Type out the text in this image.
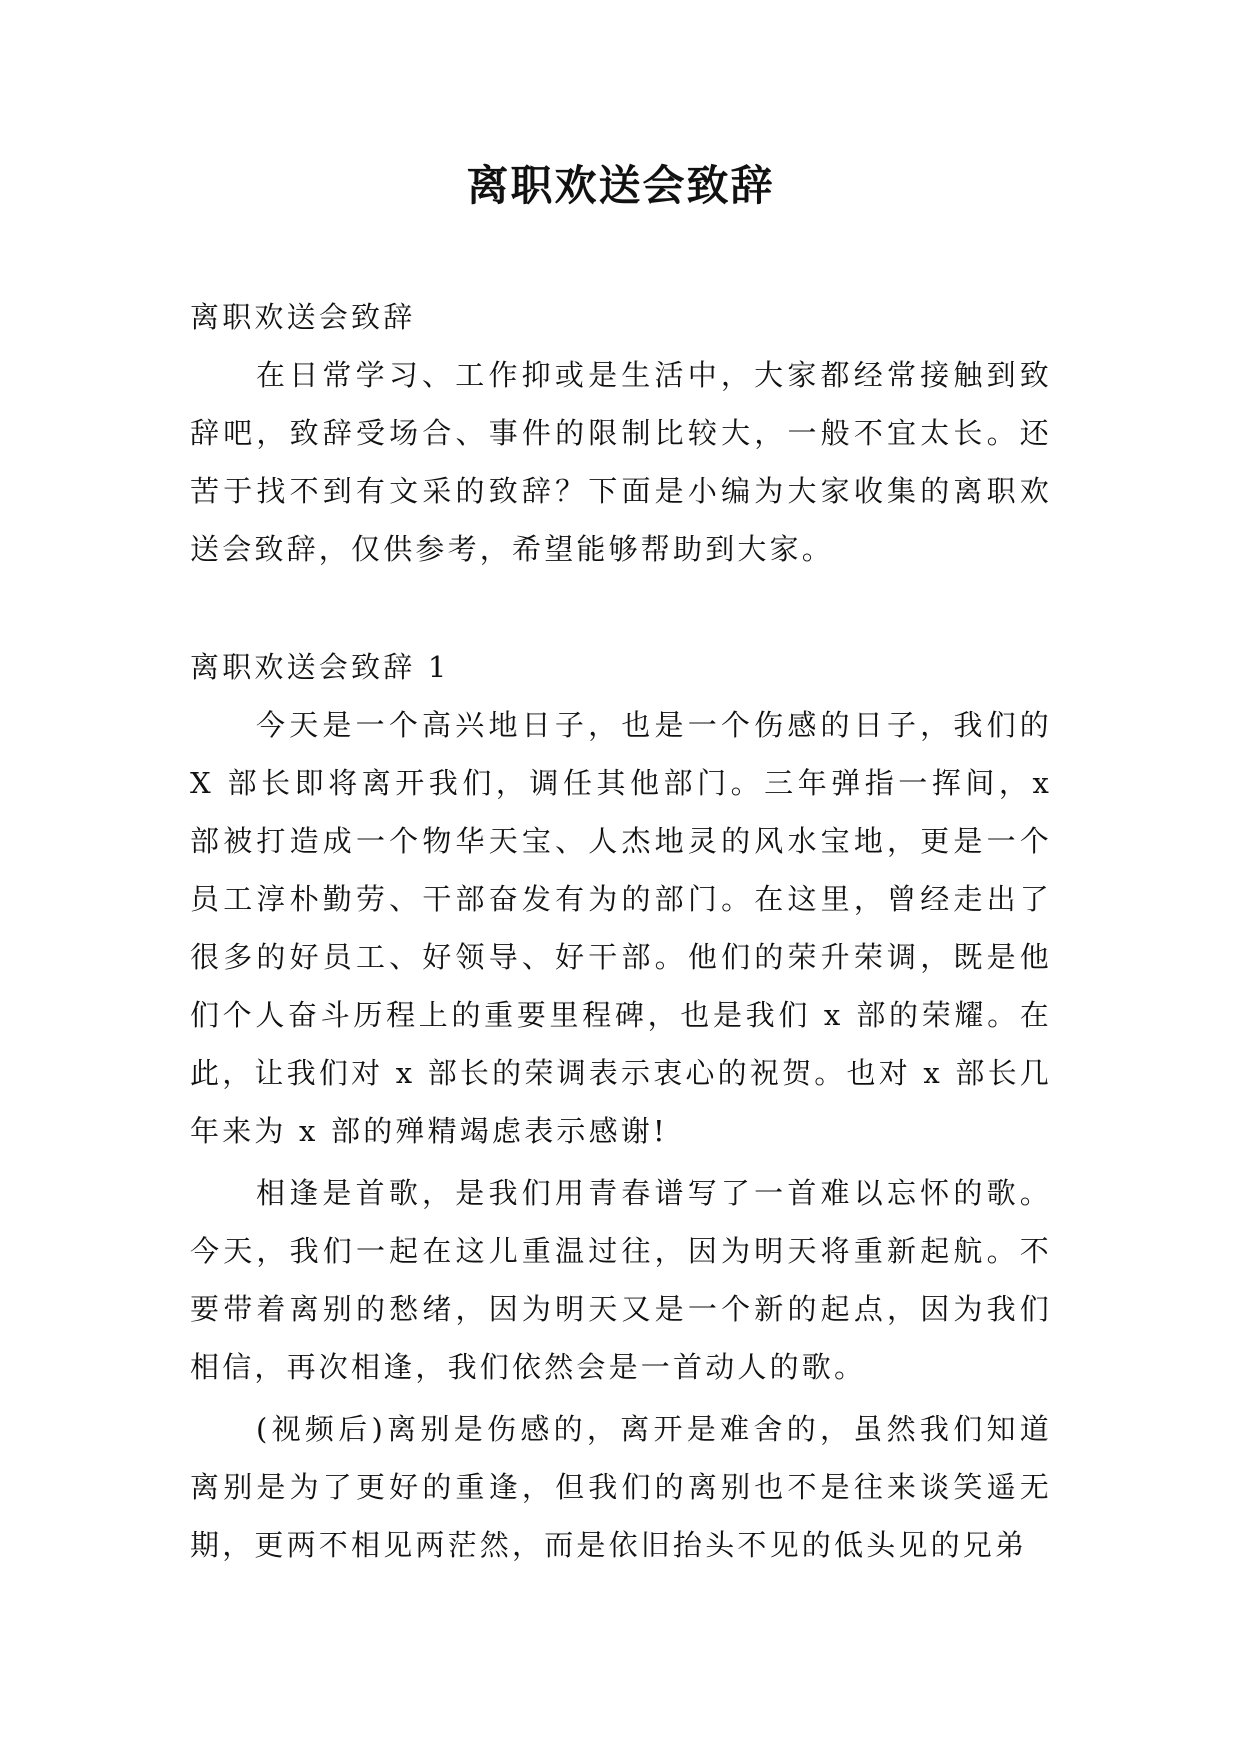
离职欢送会致辞

离职欢送会致辞

在日常学习、工作抑或是生活中，大家都经常接触到致辞吧，致辞受场合、事件的限制比较大，一般不宜太长。还苦于找不到有文采的致辞？下面是小编为大家收集的离职欢送会致辞，仅供参考，希望能够帮助到大家。

离职欢送会致辞 1

今天是一个高兴地日子，也是一个伤感的日子，我们的X 部长即将离开我们，调任其他部门。三年弹指一挥间，x 部被打造成一个物华天宝、人杰地灵的风水宝地，更是一个员工淳朴勤劳、干部奋发有为的部门。在这里，曾经走出了很多的好员工、好领导、好干部。他们的荣升荣调，既是他们个人奋斗历程上的重要里程碑，也是我们 x 部的荣耀。在此，让我们对 x 部长的荣调表示衷心的祝贺。也对 x 部长几年来为 x 部的殚精竭虑表示感谢!

相逢是首歌，是我们用青春谱写了一首难以忘怀的歌。今天，我们一起在这儿重温过往，因为明天将重新起航。不要带着离别的愁绪，因为明天又是一个新的起点，因为我们相信，再次相逢，我们依然会是一首动人的歌。

(视频后)离别是伤感的，离开是难舍的，虽然我们知道离别是为了更好的重逢，但我们的离别也不是往来谈笑遥无期，更两不相见两茫然，而是依旧抬头不见的低头见的兄弟
